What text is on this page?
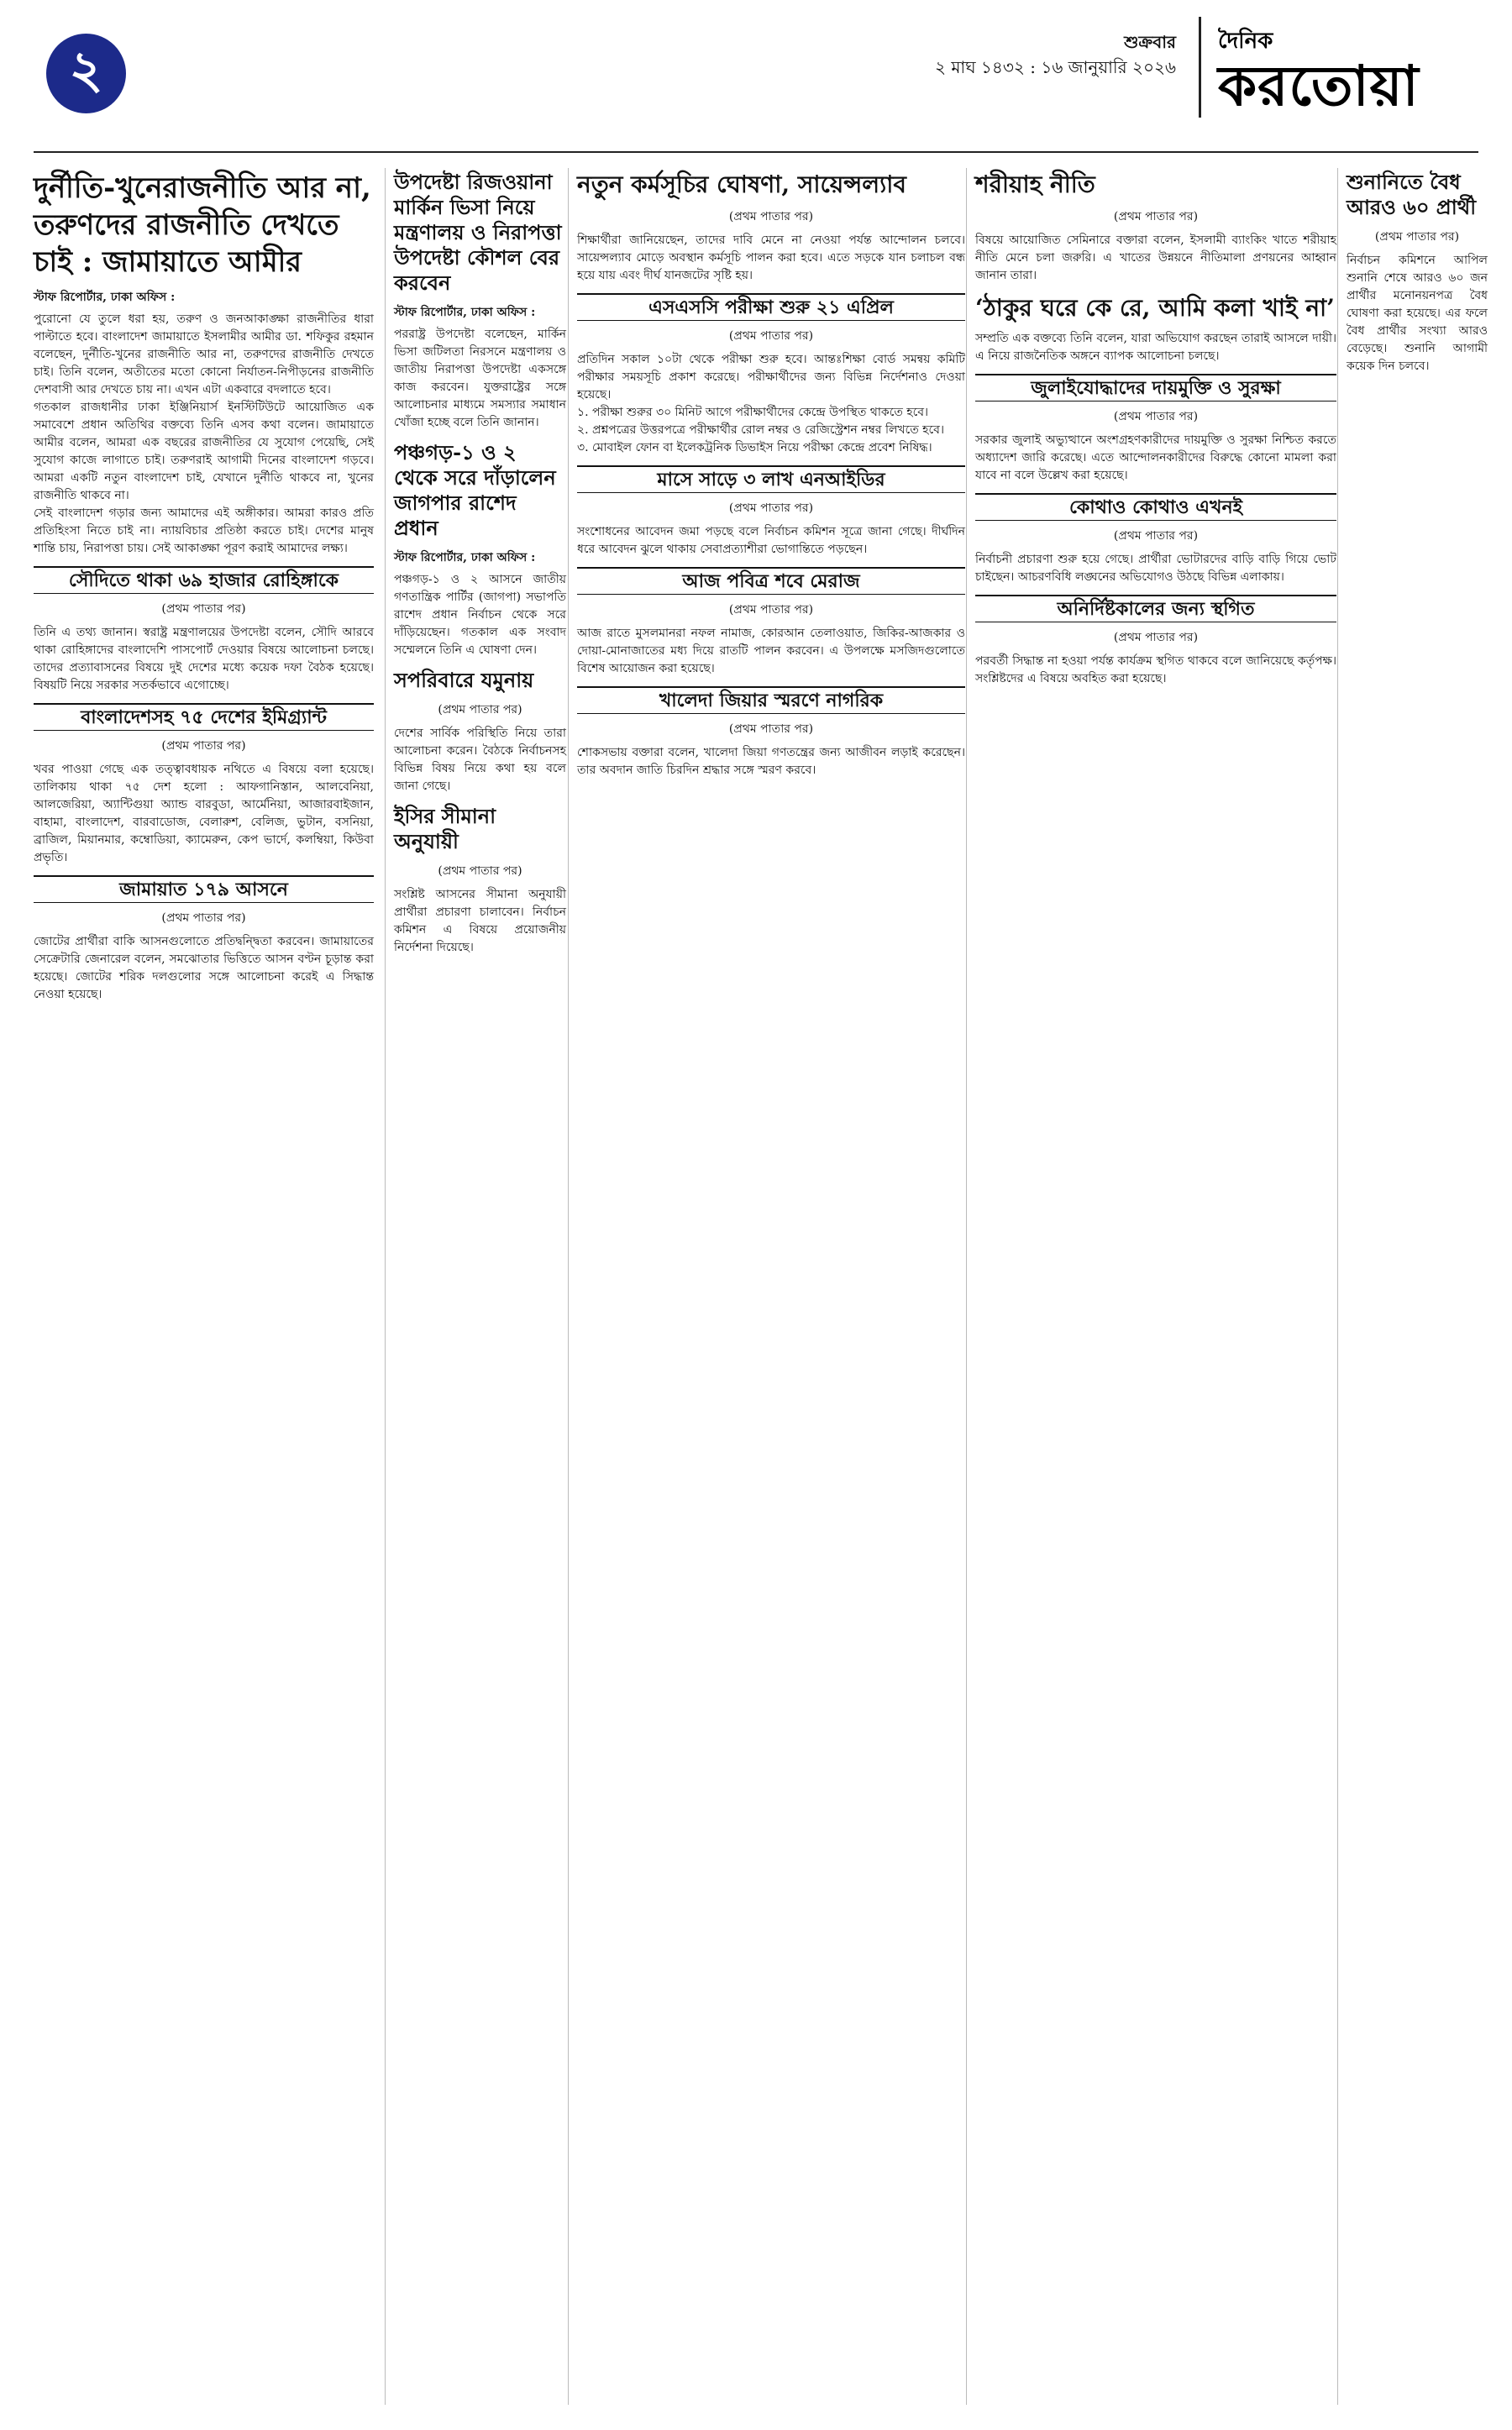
২	শুক্রবার
২ মাঘ ১৪৩২ : ১৬ জানুয়ারি ২০২৬
দৈনিক
করতোয়া
দুর্নীতি-খুনেরাজনীতি আর না, তরুণদের রাজনীতি দেখতে চাই : জামায়াতে আমীর
স্টাফ রিপোর্টার, ঢাকা অফিস :
পুরোনো যে তুলে ধরা হয়, তরুণ ও জনআকাঙ্ক্ষা রাজনীতির ধারা পাল্টাতে হবে। বাংলাদেশ জামায়াতে ইসলামীর আমীর ডা. শফিকুর রহমান বলেছেন, দুর্নীতি-খুনের রাজনীতি আর না, তরুণদের রাজনীতি দেখতে চাই। তিনি বলেন, অতীতের মতো কোনো নির্যাতন-নিপীড়নের রাজনীতি দেশবাসী আর দেখতে চায় না। এখন এটা একবারে বদলাতে হবে।
গতকাল রাজধানীর ঢাকা ইঞ্জিনিয়ার্স ইনস্টিটিউটে আয়োজিত এক সমাবেশে প্রধান অতিথির বক্তব্যে তিনি এসব কথা বলেন। জামায়াতে আমীর বলেন, আমরা এক বছরের রাজনীতির যে সুযোগ পেয়েছি, সেই সুযোগ কাজে লাগাতে চাই। তরুণরাই আগামী দিনের বাংলাদেশ গড়বে। আমরা একটি নতুন বাংলাদেশ চাই, যেখানে দুর্নীতি থাকবে না, খুনের রাজনীতি থাকবে না।
সেই বাংলাদেশ গড়ার জন্য আমাদের এই অঙ্গীকার। আমরা কারও প্রতি প্রতিহিংসা নিতে চাই না। ন্যায়বিচার প্রতিষ্ঠা করতে চাই। দেশের মানুষ শান্তি চায়, নিরাপত্তা চায়। সেই আকাঙ্ক্ষা পূরণ করাই আমাদের লক্ষ্য।
সৌদিতে থাকা ৬৯ হাজার রোহিঙ্গাকে
(প্রথম পাতার পর)
তিনি এ তথ্য জানান। স্বরাষ্ট্র মন্ত্রণালয়ের উপদেষ্টা বলেন, সৌদি আরবে থাকা রোহিঙ্গাদের বাংলাদেশি পাসপোর্ট দেওয়ার বিষয়ে আলোচনা চলছে। তাদের প্রত্যাবাসনের বিষয়ে দুই দেশের মধ্যে কয়েক দফা বৈঠক হয়েছে। বিষয়টি নিয়ে সরকার সতর্কভাবে এগোচ্ছে।
বাংলাদেশসহ ৭৫ দেশের ইমিগ্র্যান্ট
(প্রথম পাতার পর)
খবর পাওয়া গেছে এক তত্ত্বাবধায়ক নথিতে এ বিষয়ে বলা হয়েছে। তালিকায় থাকা ৭৫ দেশ হলো : আফগানিস্তান, আলবেনিয়া, আলজেরিয়া, অ্যান্টিগুয়া অ্যান্ড বারবুডা, আর্মেনিয়া, আজারবাইজান, বাহামা, বাংলাদেশ, বারবাডোজ, বেলারুশ, বেলিজ, ভুটান, বসনিয়া, ব্রাজিল, মিয়ানমার, কম্বোডিয়া, ক্যামেরুন, কেপ ভার্দে, কলম্বিয়া, কিউবা প্রভৃতি।
জামায়াত ১৭৯ আসনে
(প্রথম পাতার পর)
জোটের প্রার্থীরা বাকি আসনগুলোতে প্রতিদ্বন্দ্বিতা করবেন। জামায়াতের সেক্রেটারি জেনারেল বলেন, সমঝোতার ভিত্তিতে আসন বণ্টন চূড়ান্ত করা হয়েছে। জোটের শরিক দলগুলোর সঙ্গে আলোচনা করেই এ সিদ্ধান্ত নেওয়া হয়েছে।
উপদেষ্টা রিজওয়ানা মার্কিন ভিসা নিয়ে মন্ত্রণালয় ও নিরাপত্তা উপদেষ্টা কৌশল বের করবেন
স্টাফ রিপোর্টার, ঢাকা অফিস :
পররাষ্ট্র উপদেষ্টা বলেছেন, মার্কিন ভিসা জটিলতা নিরসনে মন্ত্রণালয় ও জাতীয় নিরাপত্তা উপদেষ্টা একসঙ্গে কাজ করবেন। যুক্তরাষ্ট্রের সঙ্গে আলোচনার মাধ্যমে সমস্যার সমাধান খোঁজা হচ্ছে বলে তিনি জানান।
পঞ্চগড়-১ ও ২ থেকে সরে দাঁড়ালেন জাগপার রাশেদ প্রধান
স্টাফ রিপোর্টার, ঢাকা অফিস :
পঞ্চগড়-১ ও ২ আসনে জাতীয় গণতান্ত্রিক পার্টির (জাগপা) সভাপতি রাশেদ প্রধান নির্বাচন থেকে সরে দাঁড়িয়েছেন। গতকাল এক সংবাদ সম্মেলনে তিনি এ ঘোষণা দেন।
সপরিবারে যমুনায়
(প্রথম পাতার পর)
দেশের সার্বিক পরিস্থিতি নিয়ে তারা আলোচনা করেন। বৈঠকে নির্বাচনসহ বিভিন্ন বিষয় নিয়ে কথা হয় বলে জানা গেছে।
ইসির সীমানা অনুযায়ী
(প্রথম পাতার পর)
সংশ্লিষ্ট আসনের সীমানা অনুযায়ী প্রার্থীরা প্রচারণা চালাবেন। নির্বাচন কমিশন এ বিষয়ে প্রয়োজনীয় নির্দেশনা দিয়েছে।
নতুন কর্মসূচির ঘোষণা, সায়েন্সল্যাব
(প্রথম পাতার পর)
শিক্ষার্থীরা জানিয়েছেন, তাদের দাবি মেনে না নেওয়া পর্যন্ত আন্দোলন চলবে। সায়েন্সল্যাব মোড়ে অবস্থান কর্মসূচি পালন করা হবে। এতে সড়কে যান চলাচল বন্ধ হয়ে যায় এবং দীর্ঘ যানজটের সৃষ্টি হয়।
এসএসসি পরীক্ষা শুরু ২১ এপ্রিল
(প্রথম পাতার পর)
প্রতিদিন সকাল ১০টা থেকে পরীক্ষা শুরু হবে। আন্তঃশিক্ষা বোর্ড সমন্বয় কমিটি পরীক্ষার সময়সূচি প্রকাশ করেছে। পরীক্ষার্থীদের জন্য বিভিন্ন নির্দেশনাও দেওয়া হয়েছে।
১. পরীক্ষা শুরুর ৩০ মিনিট আগে পরীক্ষার্থীদের কেন্দ্রে উপস্থিত থাকতে হবে।
২. প্রশ্নপত্রের উত্তরপত্রে পরীক্ষার্থীর রোল নম্বর ও রেজিস্ট্রেশন নম্বর লিখতে হবে।
৩. মোবাইল ফোন বা ইলেকট্রনিক ডিভাইস নিয়ে পরীক্ষা কেন্দ্রে প্রবেশ নিষিদ্ধ।
মাসে সাড়ে ৩ লাখ এনআইডির
(প্রথম পাতার পর)
সংশোধনের আবেদন জমা পড়ছে বলে নির্বাচন কমিশন সূত্রে জানা গেছে। দীর্ঘদিন ধরে আবেদন ঝুলে থাকায় সেবাপ্রত্যাশীরা ভোগান্তিতে পড়ছেন।
আজ পবিত্র শবে মেরাজ
(প্রথম পাতার পর)
আজ রাতে মুসলমানরা নফল নামাজ, কোরআন তেলাওয়াত, জিকির-আজকার ও দোয়া-মোনাজাতের মধ্য দিয়ে রাতটি পালন করবেন। এ উপলক্ষে মসজিদগুলোতে বিশেষ আয়োজন করা হয়েছে।
খালেদা জিয়ার স্মরণে নাগরিক
(প্রথম পাতার পর)
শোকসভায় বক্তারা বলেন, খালেদা জিয়া গণতন্ত্রের জন্য আজীবন লড়াই করেছেন। তার অবদান জাতি চিরদিন শ্রদ্ধার সঙ্গে স্মরণ করবে।
শরীয়াহ নীতি
(প্রথম পাতার পর)
বিষয়ে আয়োজিত সেমিনারে বক্তারা বলেন, ইসলামী ব্যাংকিং খাতে শরীয়াহ নীতি মেনে চলা জরুরি। এ খাতের উন্নয়নে নীতিমালা প্রণয়নের আহ্বান জানান তারা।
‘ঠাকুর ঘরে কে রে, আমি কলা খাই না’
সম্প্রতি এক বক্তব্যে তিনি বলেন, যারা অভিযোগ করছেন তারাই আসলে দায়ী। এ নিয়ে রাজনৈতিক অঙ্গনে ব্যাপক আলোচনা চলছে।
জুলাইযোদ্ধাদের দায়মুক্তি ও সুরক্ষা
(প্রথম পাতার পর)
সরকার জুলাই অভ্যুত্থানে অংশগ্রহণকারীদের দায়মুক্তি ও সুরক্ষা নিশ্চিত করতে অধ্যাদেশ জারি করেছে। এতে আন্দোলনকারীদের বিরুদ্ধে কোনো মামলা করা যাবে না বলে উল্লেখ করা হয়েছে।
কোথাও কোথাও এখনই
(প্রথম পাতার পর)
নির্বাচনী প্রচারণা শুরু হয়ে গেছে। প্রার্থীরা ভোটারদের বাড়ি বাড়ি গিয়ে ভোট চাইছেন। আচরণবিধি লঙ্ঘনের অভিযোগও উঠছে বিভিন্ন এলাকায়।
অনির্দিষ্টকালের জন্য স্থগিত
(প্রথম পাতার পর)
পরবর্তী সিদ্ধান্ত না হওয়া পর্যন্ত কার্যক্রম স্থগিত থাকবে বলে জানিয়েছে কর্তৃপক্ষ। সংশ্লিষ্টদের এ বিষয়ে অবহিত করা হয়েছে।
শুনানিতে বৈধ আরও ৬০ প্রার্থী
(প্রথম পাতার পর)
নির্বাচন কমিশনে আপিল শুনানি শেষে আরও ৬০ জন প্রার্থীর মনোনয়নপত্র বৈধ ঘোষণা করা হয়েছে। এর ফলে বৈধ প্রার্থীর সংখ্যা আরও বেড়েছে। শুনানি আগামী কয়েক দিন চলবে।
